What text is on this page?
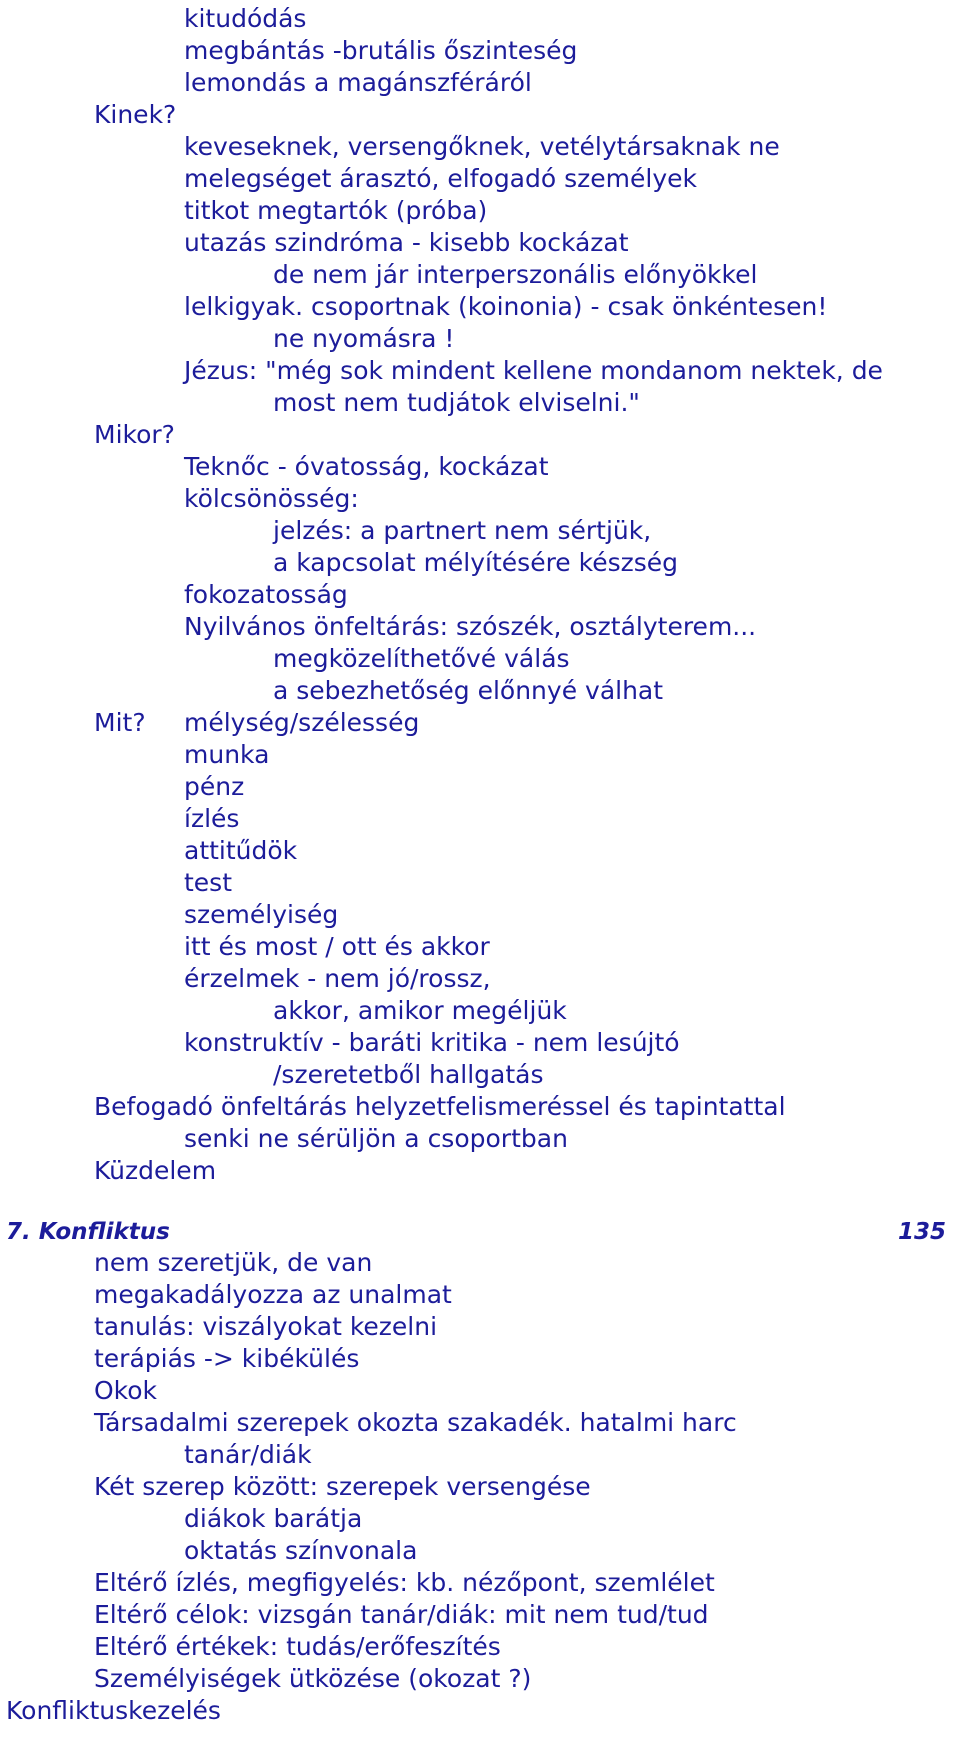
kitudódás
megbántás -brutális őszinteség
lemondás a magánszféráról
Kinek?
keveseknek, versengőknek, vetélytársaknak ne
melegséget árasztó, elfogadó személyek
titkot megtartók (próba)
utazás szindróma - kisebb kockázat
de nem jár interperszonális előnyökkel
lelkigyak. csoportnak (koinonia) - csak önkéntesen!
ne nyomásra !
Jézus: "még sok mindent kellene mondanom nektek, de
most nem tudjátok elviselni."
Mikor?
Teknőc - óvatosság, kockázat
kölcsönösség:
jelzés: a partnert nem sértjük,
a kapcsolat mélyítésére készség
fokozatosság
Nyilvános önfeltárás: szószék, osztályterem...
megközelíthetővé válás
a sebezhetőség előnnyé válhat
Mit? mélység/szélesség
munka
pénz
ízlés
attitűdök
test
személyiség
itt és most / ott és akkor
érzelmek - nem jó/rossz,
akkor, amikor megéljük
konstruktív - baráti kritika - nem lesújtó
/szeretetből hallgatás
Befogadó önfeltárás helyzetfelismeréssel és tapintattal
senki ne sérüljön a csoportban
Küzdelem
7. Konfliktus	135
nem szeretjük, de van
megakadályozza az unalmat
tanulás: viszályokat kezelni
terápiás -> kibékülés
Okok
Társadalmi szerepek okozta szakadék. hatalmi harc
tanár/diák
Két szerep között: szerepek versengése
diákok barátja
oktatás színvonala
Eltérő ízlés, megfigyelés: kb. nézőpont, szemlélet
Eltérő célok: vizsgán tanár/diák: mit nem tud/tud
Eltérő értékek: tudás/erőfeszítés
Személyiségek ütközése (okozat ?)
Konfliktuskezelés
